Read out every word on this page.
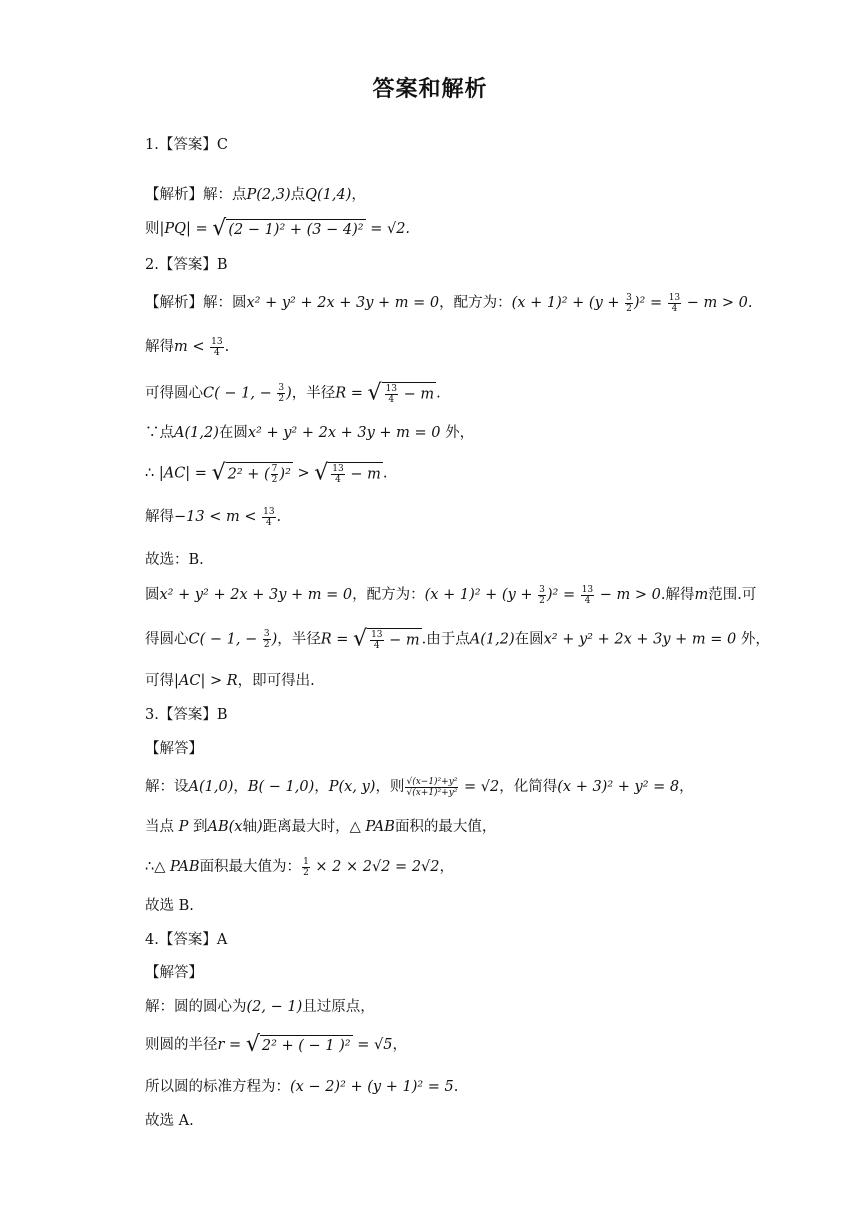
答案和解析
1.【答案】C
【解析】解：点P(2,3)点Q(1,4)，
则|PQ| = √ (2 − 1)² + (3 − 4)² = √2.
2.【答案】B
【解析】解：圆x² + y² + 2x + 3y + m = 0，配方为：$(x + 1)^2 + (y + \frac{3}{2} )^2 = \frac{13}{4} - m > 0$.
解得$m < \frac{13}{4}$ .
可得圆心C( − 1, − $\frac{3}{2}$ )，半径R = √ $\frac{13}{4} - m$ .
∵点A(1,2)在圆x² + y² + 2x + 3y + m = 0 外，
∴ |AC| = √ 2² + ( $\frac{7}{2} )^2$ > √ $\frac{13}{4} - m$ .
解得$-13 < m < \frac{13}{4}$ .
故选：B.
圆x² + y² + 2x + 3y + m = 0，配方为：$(x + 1)^2 + (y + \frac{3}{2} )^2 = \frac{13}{4} - m > 0$.解得m范围.可
得圆心C( − 1, − $\frac{3}{2}$ )，半径R = √ $\frac{13}{4} - m$ .由于点A(1,2)在圆x² + y² + 2x + 3y + m = 0 外，
可得|AC| > R，即可得出.
3.【答案】B
【解答】
解：设A(1,0)，B( − 1,0)，P(x, y)，则 $\frac{\text{√(x−1)²+y²}}{\text{√(x+1)²+y²}} = √2$，化简得(x + 3)² + y² = 8，
当点 P 到AB(x轴)距离最大时，△ PAB面积的最大值，
∴△ PAB面积最大值为： $\frac{1}{2} \times 2 \times 2√2 = 2√2$，
故选 B.
4.【答案】A
【解答】
解：圆的圆心为(2, − 1)且过原点，
则圆的半径r = √ 2² + ( − 1 )² = √5，
所以圆的标准方程为：(x − 2)² + (y + 1)² = 5.
故选 A.
